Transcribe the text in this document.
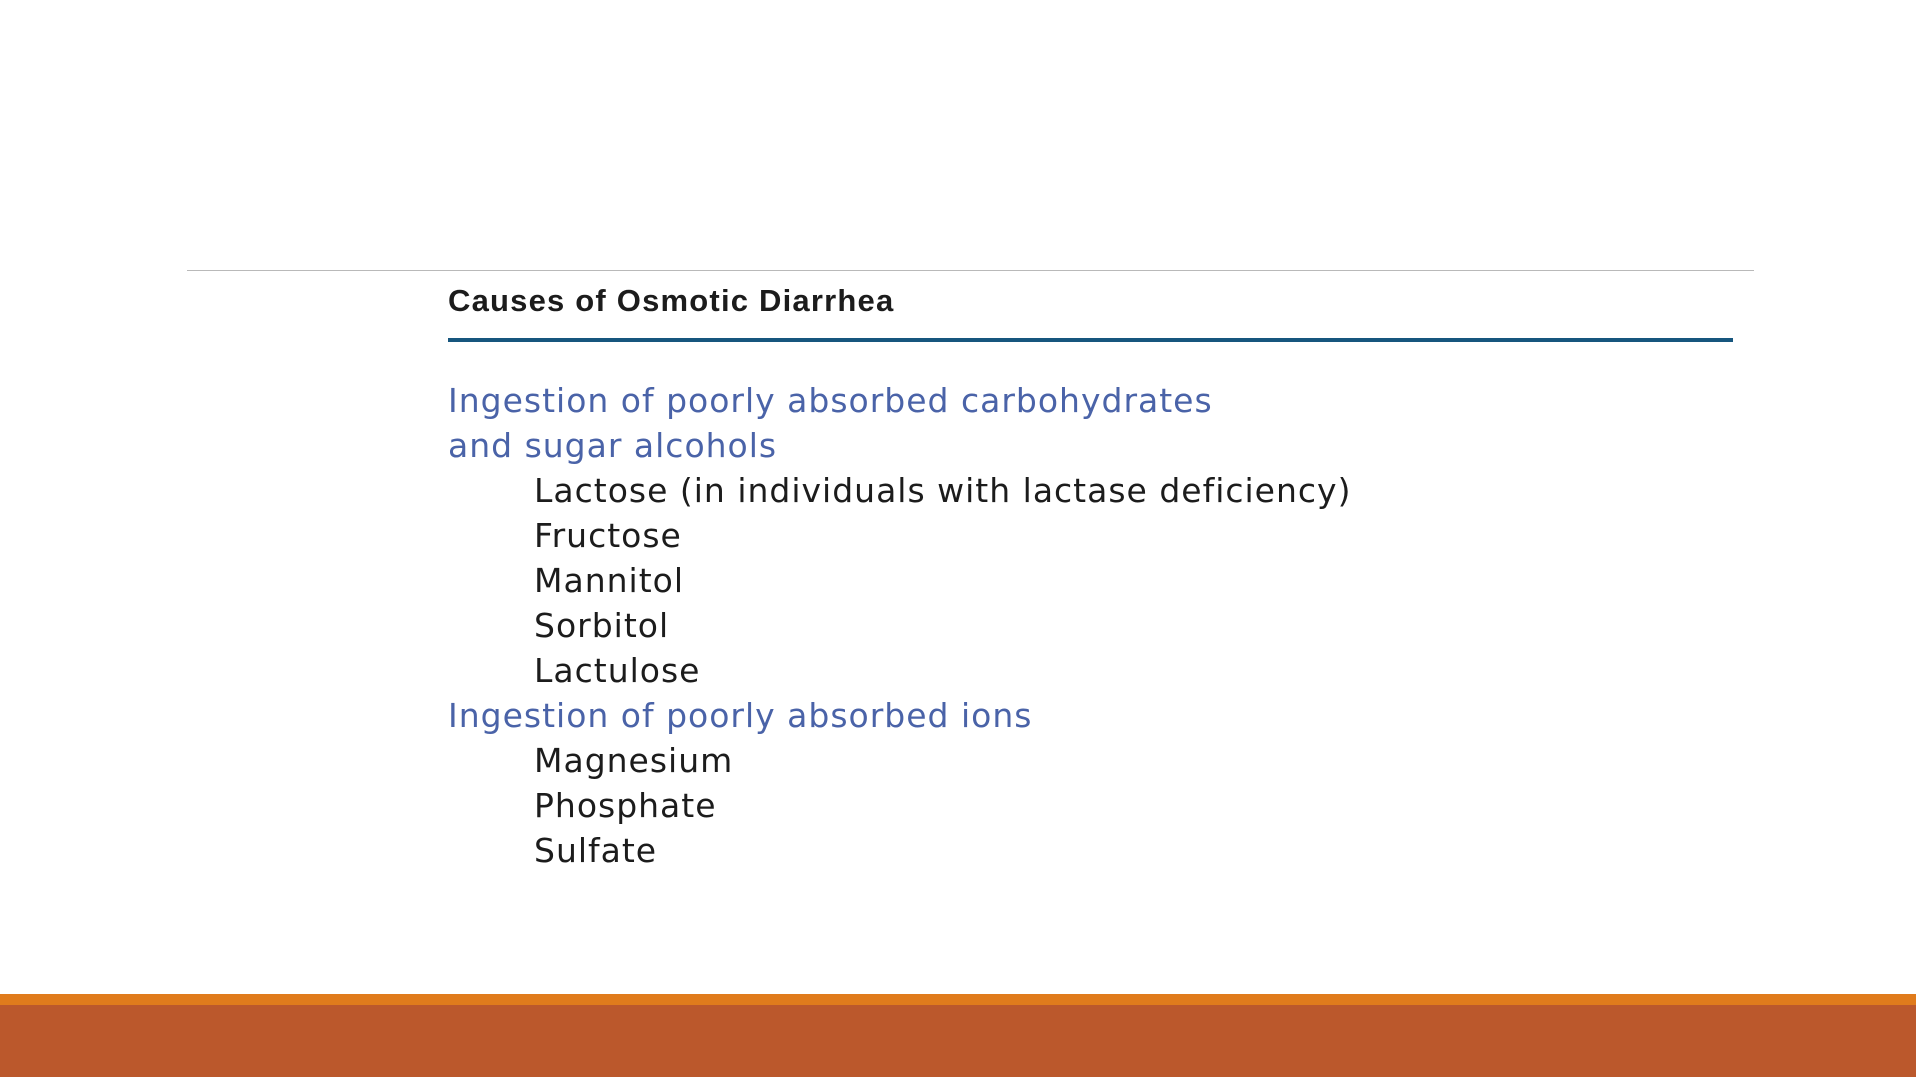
Causes of Osmotic Diarrhea
Ingestion of poorly absorbed carbohydrates
and sugar alcohols
Lactose (in individuals with lactase deficiency)
Fructose
Mannitol
Sorbitol
Lactulose
Ingestion of poorly absorbed ions
Magnesium
Phosphate
Sulfate
